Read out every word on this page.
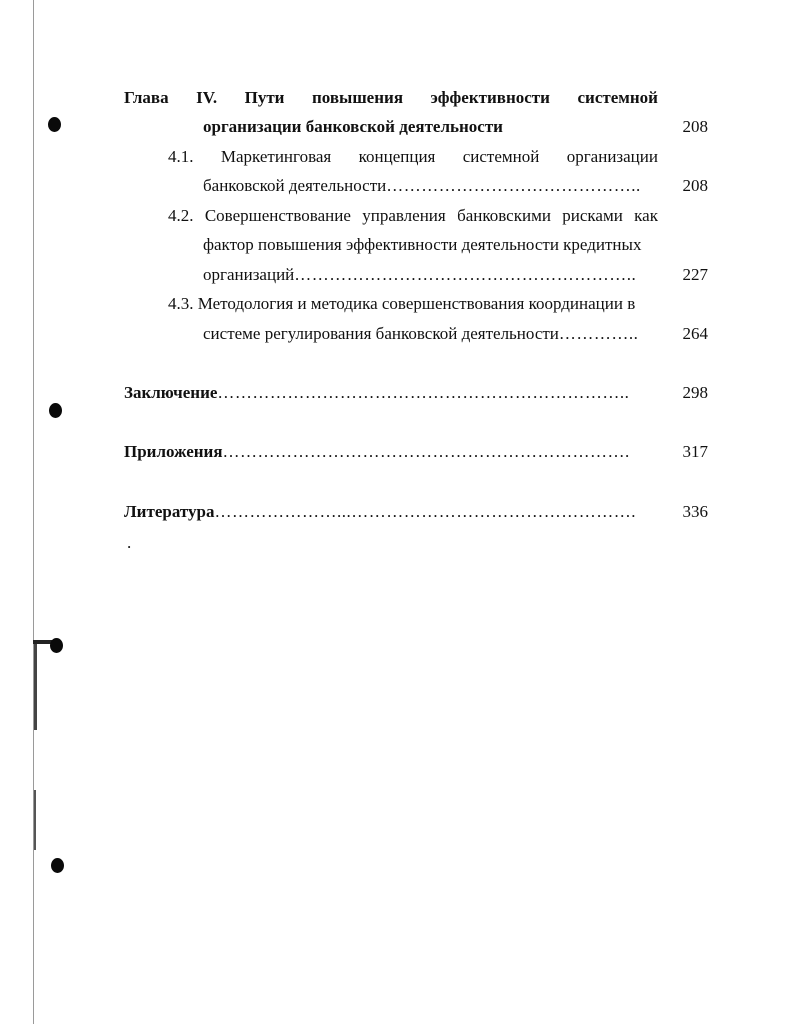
Глава IV. Пути повышения эффективности системной
организации банковской деятельности	208
4.1. Маркетинговая концепция системной организации
банковской деятельности……………………………………..	208
4.2. Совершенствование управления банковскими рисками как
фактор повышения эффективности деятельности кредитных
организаций…………………………………………………..	227
4.3. Методология и методика совершенствования координации в
системе регулирования банковской деятельности…………..	264
Заключение……………………………………………………………..	298
Приложения…………………………………………………………….	317
Литература…………………...………………………………………….	336
.
